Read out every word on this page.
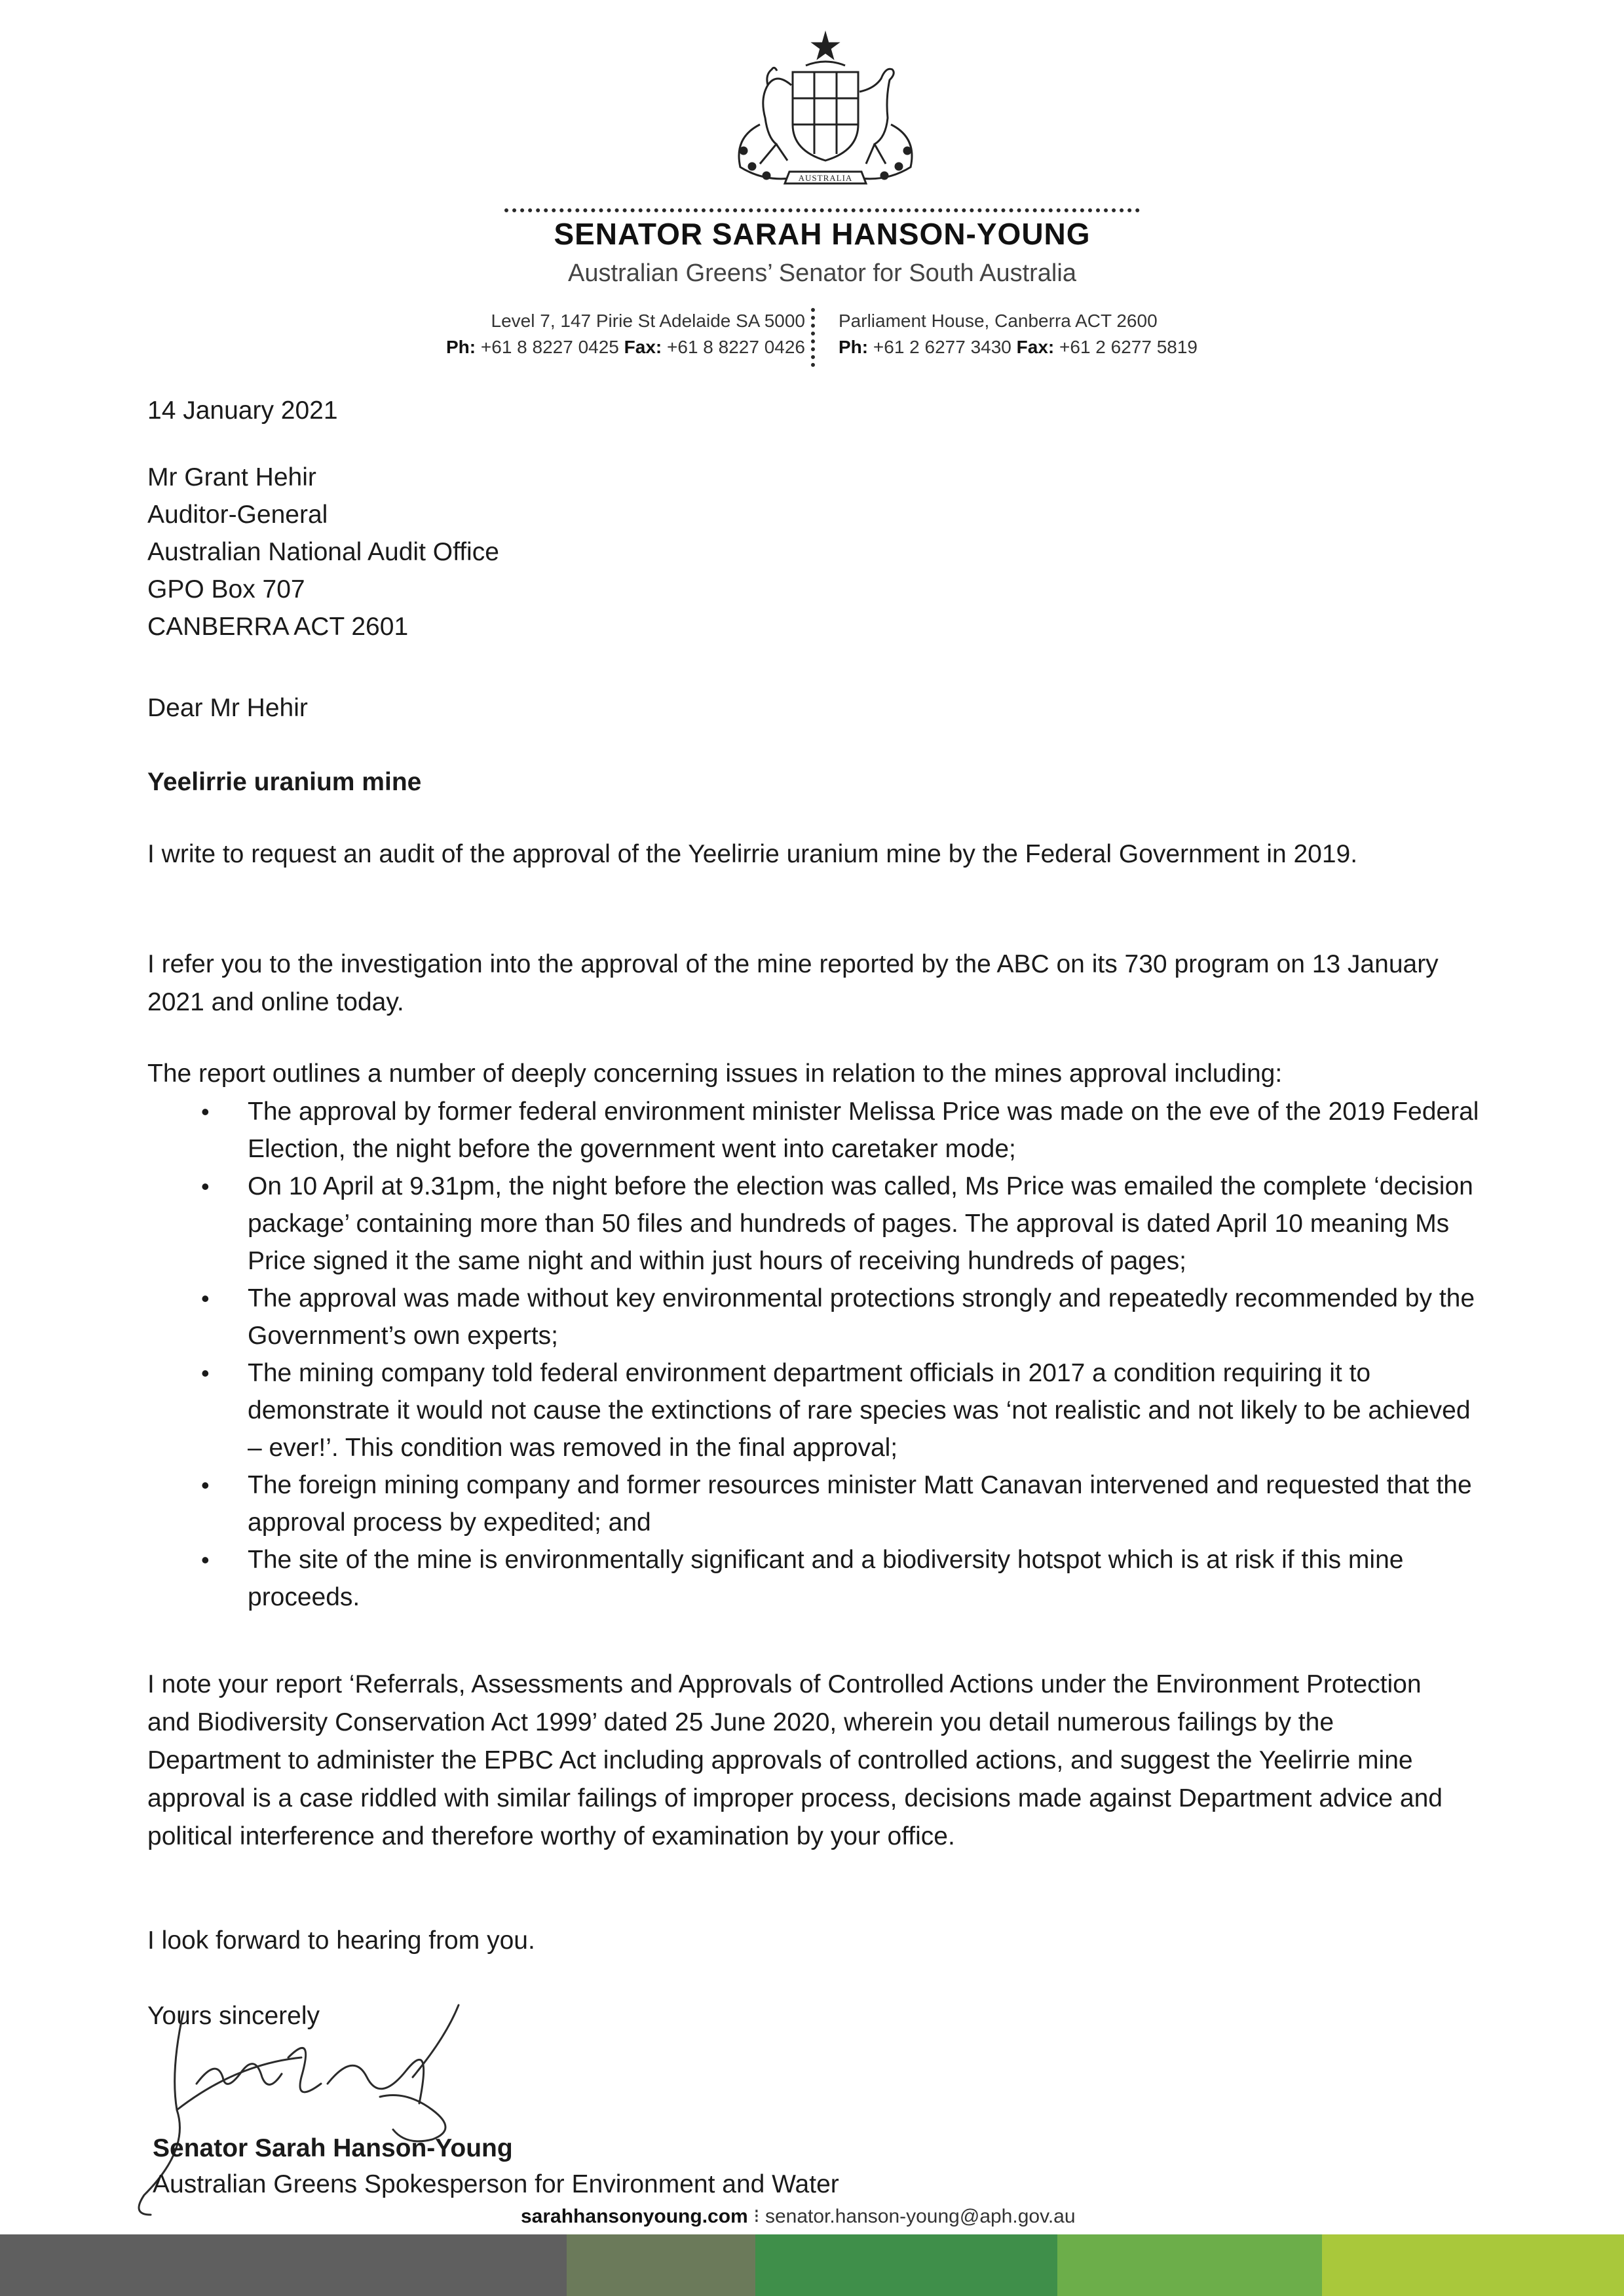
AUSTRALIA
SENATOR SARAH HANSON-YOUNG
Australian Greens’ Senator for South Australia
Level 7, 147 Pirie St Adelaide SA 5000
Ph: +61 8 8227 0425 Fax: +61 8 8227 0426
Parliament House, Canberra ACT 2600
Ph: +61 2 6277 3430 Fax: +61 2 6277 5819
14 January 2021
Mr Grant Hehir
Auditor-General
Australian National Audit Office
GPO Box 707
CANBERRA ACT 2601
Dear Mr Hehir
Yeelirrie uranium mine
I write to request an audit of the approval of the Yeelirrie uranium mine by the Federal Government in 2019.
I refer you to the investigation into the approval of the mine reported by the ABC on its 730 program on 13 January 2021 and online today.
The report outlines a number of deeply concerning issues in relation to the mines approval including:
• The approval by former federal environment minister Melissa Price was made on the eve of the 2019 Federal Election, the night before the government went into caretaker mode;
• On 10 April at 9.31pm, the night before the election was called, Ms Price was emailed the complete ‘decision package’ containing more than 50 files and hundreds of pages. The approval is dated April 10 meaning Ms Price signed it the same night and within just hours of receiving hundreds of pages;
• The approval was made without key environmental protections strongly and repeatedly recommended by the Government’s own experts;
• The mining company told federal environment department officials in 2017 a condition requiring it to demonstrate it would not cause the extinctions of rare species was ‘not realistic and not likely to be achieved – ever!’. This condition was removed in the final approval;
• The foreign mining company and former resources minister Matt Canavan intervened and requested that the approval process by expedited; and
• The site of the mine is environmentally significant and a biodiversity hotspot which is at risk if this mine proceeds.
I note your report ‘Referrals, Assessments and Approvals of Controlled Actions under the Environment Protection and Biodiversity Conservation Act 1999’ dated 25 June 2020, wherein you detail numerous failings by the Department to administer the EPBC Act including approvals of controlled actions, and suggest the Yeelirrie mine approval is a case riddled with similar failings of improper process, decisions made against Department advice and political interference and therefore worthy of examination by your office.
I look forward to hearing from you.
Yours sincerely
Senator Sarah Hanson-Young
Australian Greens Spokesperson for Environment and Water
sarahhansonyoung.com ⁝ senator.hanson-young@aph.gov.au
